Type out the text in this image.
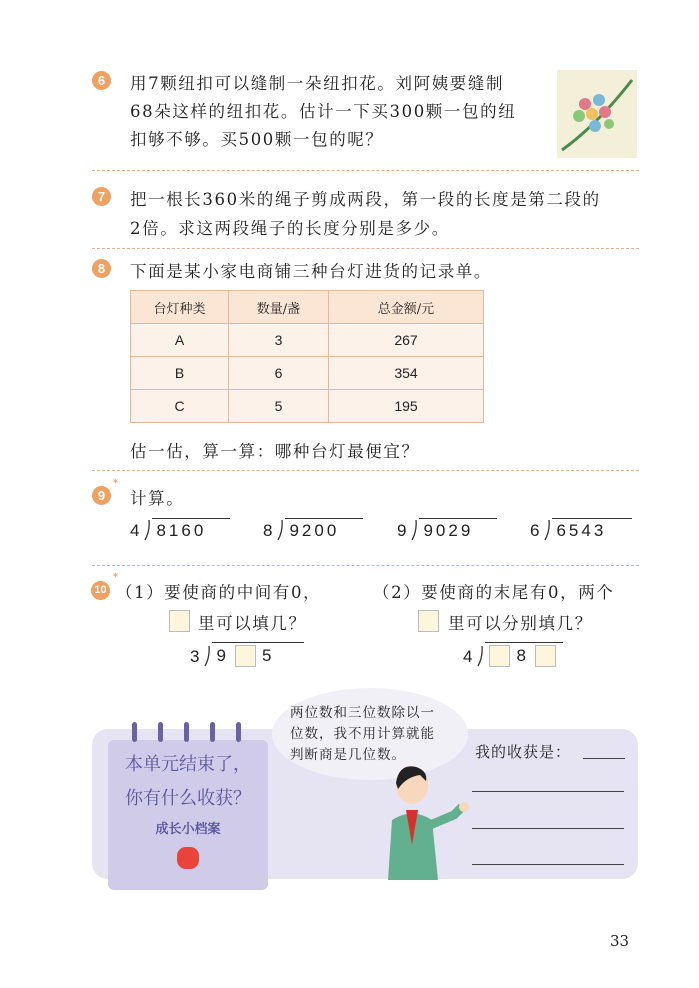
6	用7颗纽扣可以缝制一朵纽扣花。刘阿姨要缝制
68朵这样的纽扣花。估计一下买300颗一包的纽
扣够不够。买500颗一包的呢？
7	把一根长360米的绳子剪成两段，第一段的长度是第二段的
2倍。求这两段绳子的长度分别是多少。
8	下面是某小家电商铺三种台灯进货的记录单。
台灯种类	数量/盏	总金额/元
A	3	267
B	6	354
C	5	195
估一估，算一算：哪种台灯最便宜？
9
*
计算。
4 8160	8 9200	9 9029	6 6543
10
*
（1）要使商的中间有0，
里可以填几？
3 9 5
（2）要使商的末尾有0，两个
里可以分别填几？
4 8
两位数和三位数除以一
位数，我不用计算就能
判断商是几位数。
本单元结束了，
你有什么收获？
成长小档案
我的收获是：
33
